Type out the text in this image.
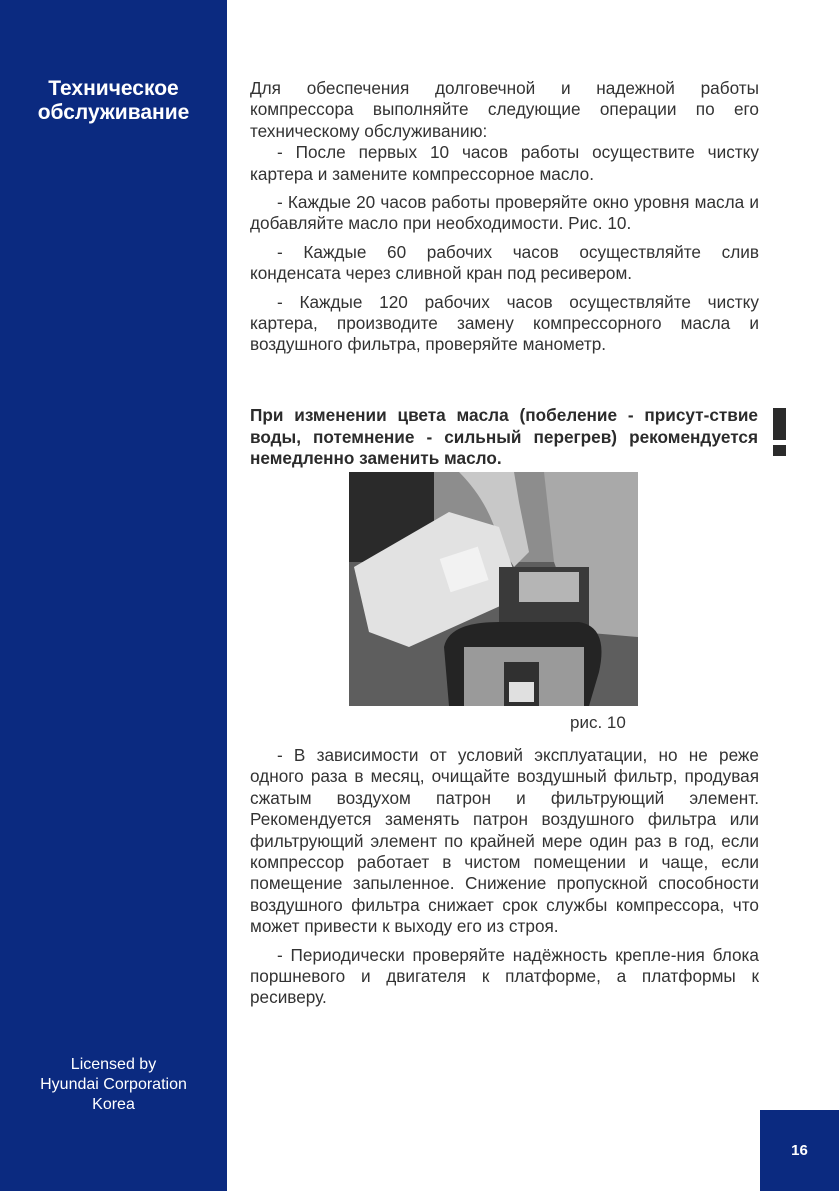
Техническое
обслуживание
Licensed by
Hyundai Corporation
Korea

Для обеспечения долговечной и надежной работы компрессора выполняйте следующие операции по его техническому обслуживанию:

- После первых 10 часов работы осуществите чистку картера и замените компрессорное масло.

- Каждые 20 часов работы проверяйте окно уровня масла и добавляйте масло при необходимости. Рис. 10.

- Каждые 60 рабочих часов осуществляйте слив конденсата через сливной кран под ресивером.

- Каждые 120 рабочих часов осуществляйте чистку картера, производите замену компрессорного масла и воздушного фильтра, проверяйте манометр.

При изменении цвета масла (побеление - присут-ствие воды, потемнение - сильный перегрев) рекомендуется немедленно заменить масло.
рис. 10

- В зависимости от условий эксплуатации, но не реже одного раза в месяц, очищайте воздушный фильтр, продувая сжатым воздухом патрон и фильтрующий элемент. Рекомендуется заменять патрон воздушного фильтра или фильтрующий элемент по крайней мере один раз в год, если компрессор работает в чистом помещении и чаще, если помещение запыленное. Снижение пропускной способности воздушного фильтра снижает срок службы компрессора, что может привести к выходу его из строя.

- Периодически проверяйте надёжность крепле-ния блока поршневого и двигателя к платформе, а платформы к ресиверу.

16
